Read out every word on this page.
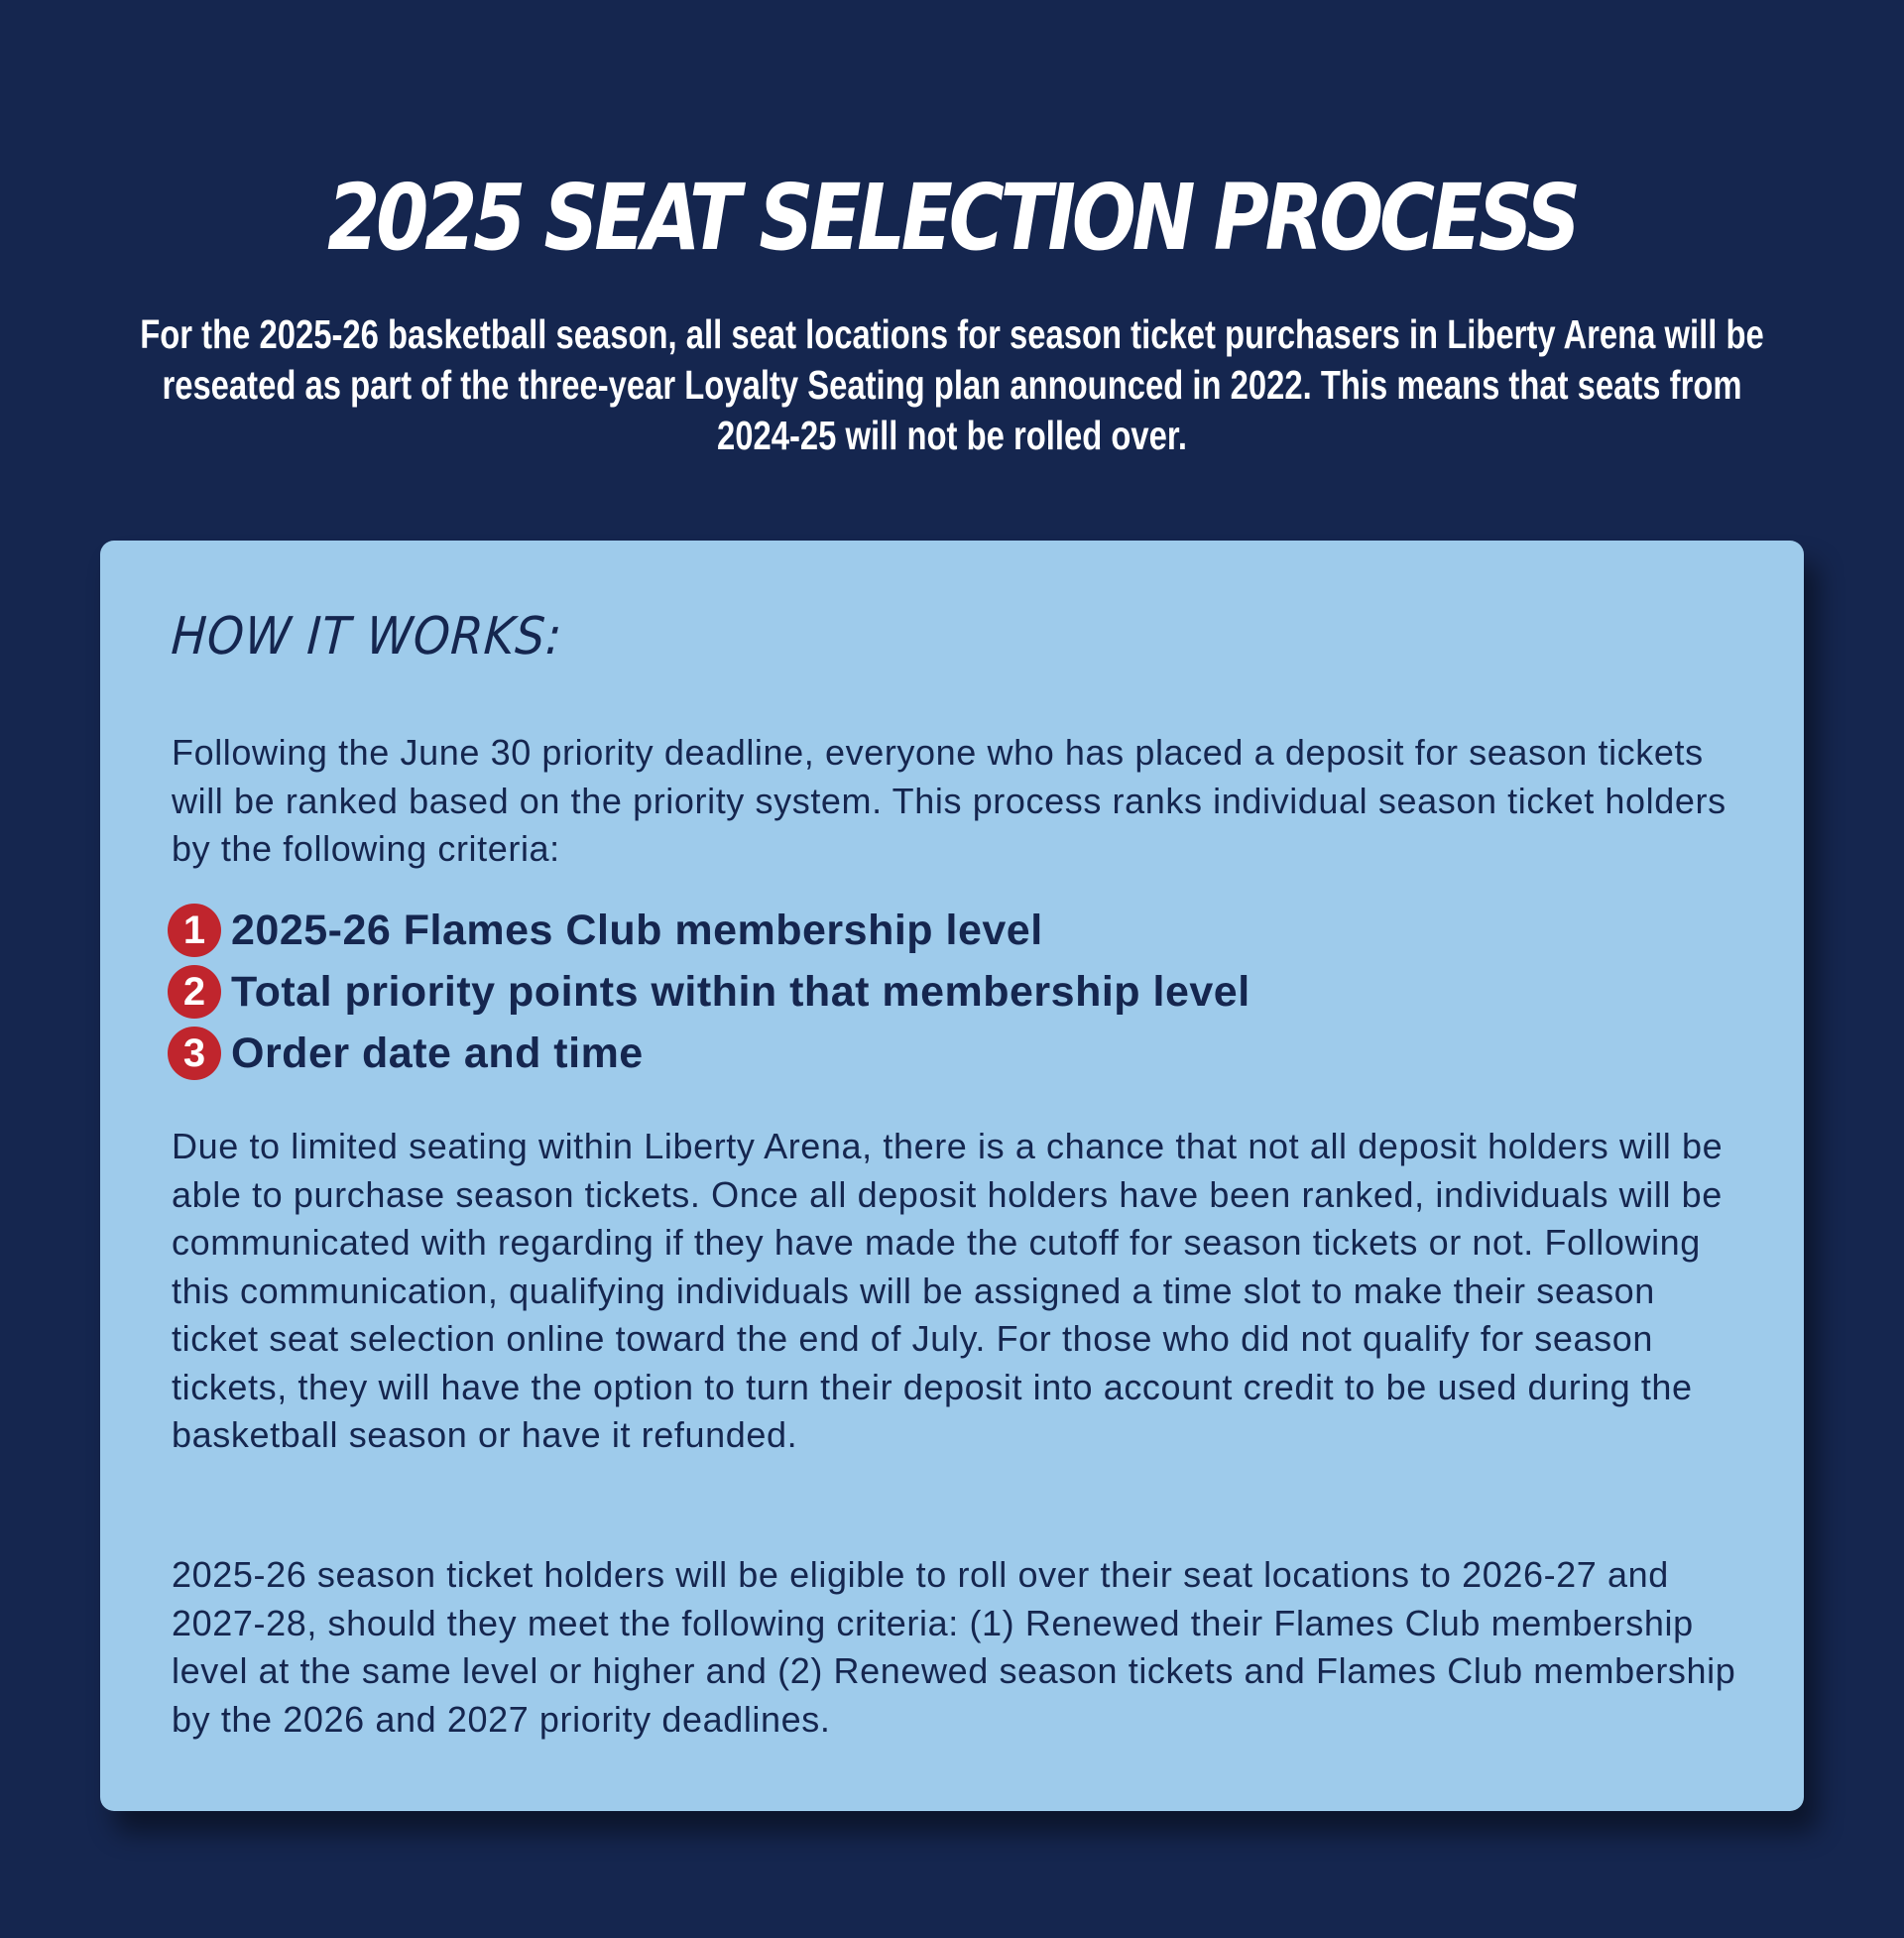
2025 SEAT SELECTION PROCESS

For the 2025-26 basketball season, all seat locations for season ticket purchasers in Liberty Arena will be reseated as part of the three-year Loyalty Seating plan announced in 2022. This means that seats from 2024-25 will not be rolled over.

HOW IT WORKS:

Following the June 30 priority deadline, everyone who has placed a deposit for season tickets will be ranked based on the priority system. This process ranks individual season ticket holders by the following criteria:

1 2025-26 Flames Club membership level
2 Total priority points within that membership level
3 Order date and time

Due to limited seating within Liberty Arena, there is a chance that not all deposit holders will be able to purchase season tickets. Once all deposit holders have been ranked, individuals will be communicated with regarding if they have made the cutoff for season tickets or not. Following this communication, qualifying individuals will be assigned a time slot to make their season ticket seat selection online toward the end of July. For those who did not qualify for season tickets, they will have the option to turn their deposit into account credit to be used during the basketball season or have it refunded.

2025-26 season ticket holders will be eligible to roll over their seat locations to 2026-27 and 2027-28, should they meet the following criteria: (1) Renewed their Flames Club membership level at the same level or higher and (2) Renewed season tickets and Flames Club membership by the 2026 and 2027 priority deadlines.
